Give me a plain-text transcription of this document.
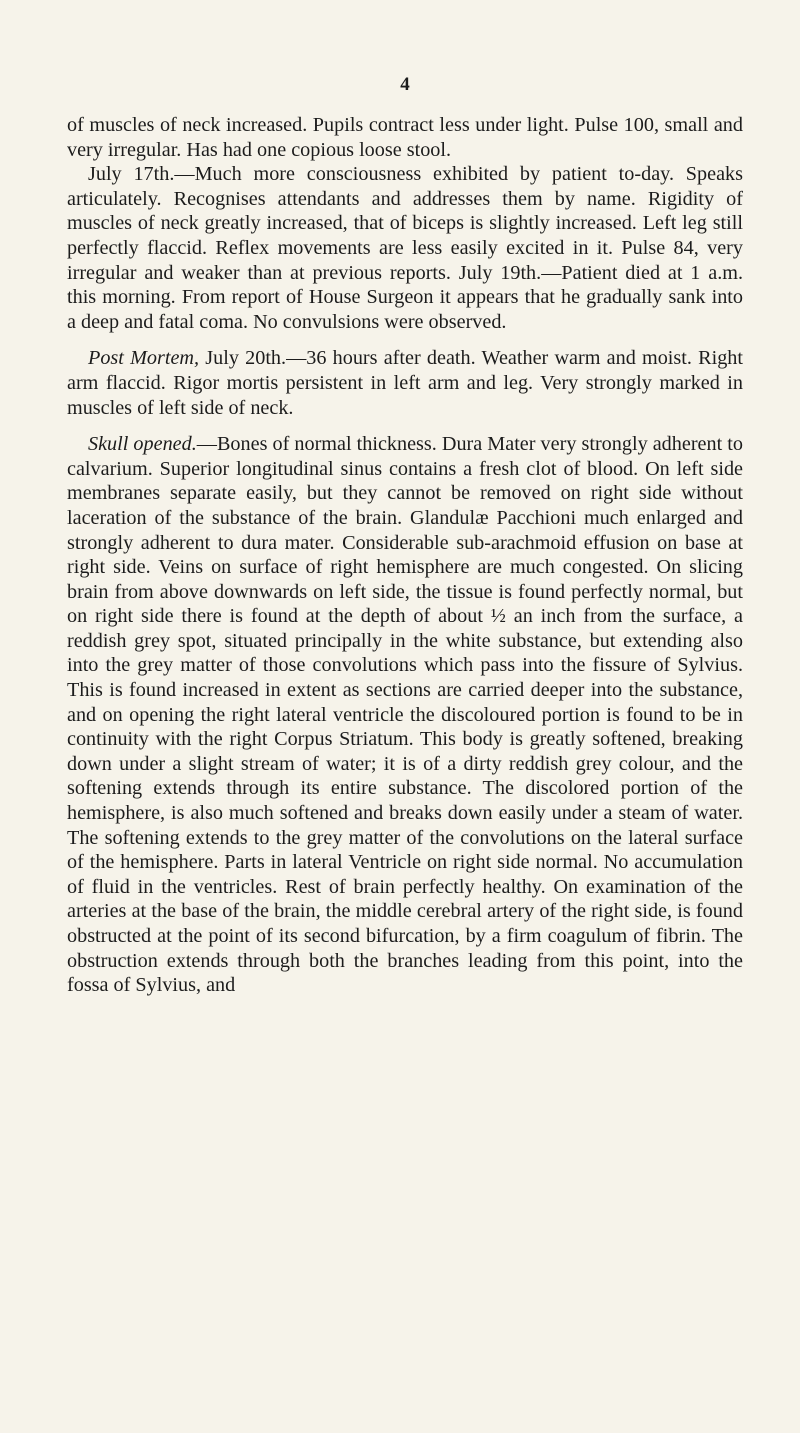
4

of muscles of neck increased. Pupils contract less under light. Pulse 100, small and very irregular. Has had one copious loose stool.

July 17th.—Much more consciousness exhibited by patient to-day. Speaks articulately. Recognises attendants and addresses them by name. Rigidity of muscles of neck greatly increased, that of biceps is slightly increased. Left leg still perfectly flaccid. Reflex movements are less easily excited in it. Pulse 84, very irregular and weaker than at previous reports. July 19th.—Patient died at 1 a.m. this morning. From report of House Surgeon it appears that he gradually sank into a deep and fatal coma. No convulsions were observed.

Post Mortem, July 20th.—36 hours after death. Weather warm and moist. Right arm flaccid. Rigor mortis persistent in left arm and leg. Very strongly marked in muscles of left side of neck.

Skull opened.—Bones of normal thickness. Dura Mater very strongly adherent to calvarium. Superior longitudinal sinus contains a fresh clot of blood. On left side membranes separate easily, but they cannot be removed on right side without laceration of the substance of the brain. Glandulæ Pacchioni much enlarged and strongly adherent to dura mater. Considerable sub-arachmoid effusion on base at right side. Veins on surface of right hemisphere are much congested. On slicing brain from above downwards on left side, the tissue is found perfectly normal, but on right side there is found at the depth of about ½ an inch from the surface, a reddish grey spot, situated principally in the white substance, but extending also into the grey matter of those convolutions which pass into the fissure of Sylvius. This is found increased in extent as sections are carried deeper into the substance, and on opening the right lateral ventricle the discoloured portion is found to be in continuity with the right Corpus Striatum. This body is greatly softened, breaking down under a slight stream of water; it is of a dirty reddish grey colour, and the softening extends through its entire substance. The discolored portion of the hemisphere, is also much softened and breaks down easily under a steam of water. The softening extends to the grey matter of the convolutions on the lateral surface of the hemisphere. Parts in lateral Ventricle on right side normal. No accumulation of fluid in the ventricles. Rest of brain perfectly healthy. On examination of the arteries at the base of the brain, the middle cerebral artery of the right side, is found obstructed at the point of its second bifurcation, by a firm coagulum of fibrin. The obstruction extends through both the branches leading from this point, into the fossa of Sylvius, and
